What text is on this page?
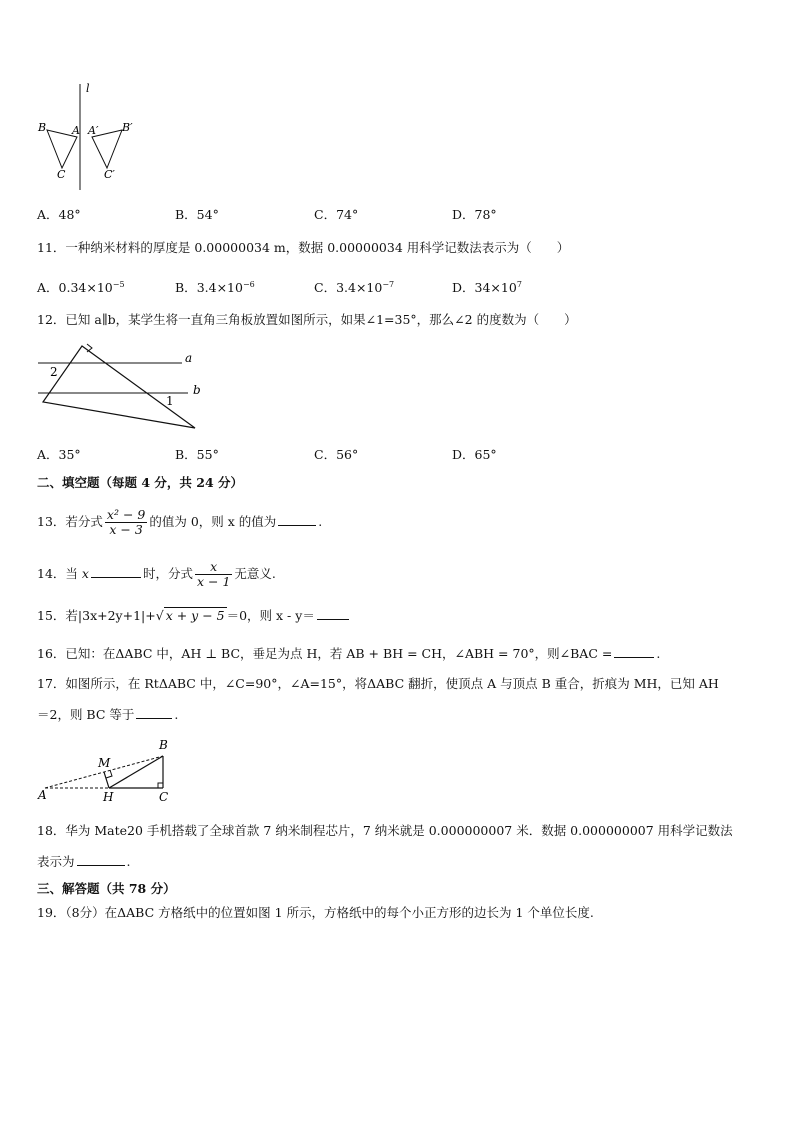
l
B A
C
A′ B′
C′
A．48°	B．54°	C．74°	D．78°
11．一种纳米材料的厚度是 0.00000034 m，数据 0.00000034 用科学记数法表示为（　　）
A．$0.34\times 10^{-5}$	B．$3.4\times 10^{-6}$	C．$3.4\times 10^{-7}$	D．$34\times 10^7$
12．已知 a∥b，某学生将一直角三角板放置如图所示，如果∠1=35°，那么∠2 的度数为（　　）
a
b
2
1
A．35°	B．55°	C．56°	D．65°
二、填空题（每题 4 分，共 24 分）
13．若分式 $\frac{\text{x² − 9}}{x - 3}$ 的值为 0，则 x 的值为	.
14．当 x	时，分式 $\frac{x}{x - 1}$ 无意义.
15．若|3x+2y+1|+√ x + y − 5 ＝0，则 x - y＝
16．已知：在ΔABC 中，AH ⊥ BC，垂足为点 H，若 AB + BH = CH，∠ABH = 70°，则∠BAC =	.
17．如图所示，在 RtΔABC 中，∠C=90°，∠A=15°，将ΔABC 翻折，使顶点 A 与顶点 B 重合，折痕为 MH，已知 AH
＝2，则 BC 等于	.
A
B
C
M
H
18．华为 Mate20 手机搭载了全球首款 7 纳米制程芯片，7 纳米就是 0.000000007 米．数据 0.000000007 用科学记数法
表示为	.
三、解答题（共 78 分）
19．（8分）在ΔABC 方格纸中的位置如图 1 所示，方格纸中的每个小正方形的边长为 1 个单位长度.
